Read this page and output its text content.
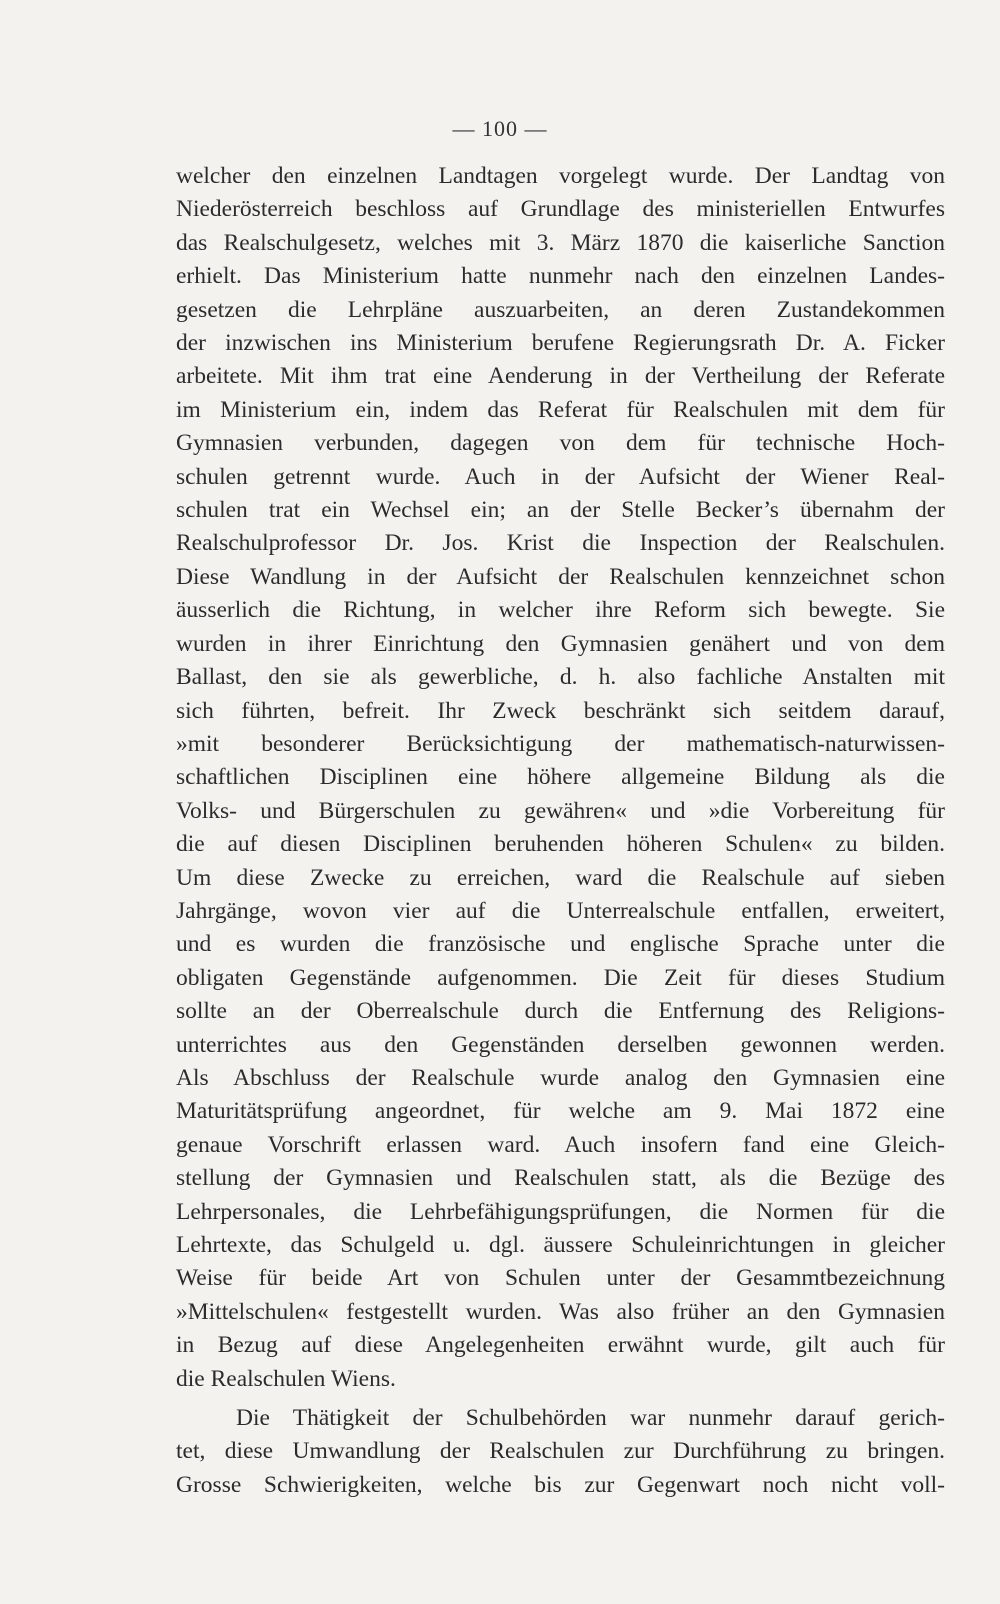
— 100 —
welcher den einzelnen Landtagen vorgelegt wurde. Der Landtag von
Niederösterreich beschloss auf Grundlage des ministeriellen Entwurfes
das Realschulgesetz, welches mit 3. März 1870 die kaiserliche Sanction
erhielt. Das Ministerium hatte nunmehr nach den einzelnen Landes-
gesetzen die Lehrpläne auszuarbeiten, an deren Zustandekommen
der inzwischen ins Ministerium berufene Regierungsrath Dr. A. Ficker
arbeitete. Mit ihm trat eine Aenderung in der Vertheilung der Referate
im Ministerium ein, indem das Referat für Realschulen mit dem für
Gymnasien verbunden, dagegen von dem für technische Hoch-
schulen getrennt wurde. Auch in der Aufsicht der Wiener Real-
schulen trat ein Wechsel ein; an der Stelle Becker’s übernahm der
Realschulprofessor Dr. Jos. Krist die Inspection der Realschulen.
Diese Wandlung in der Aufsicht der Realschulen kennzeichnet schon
äusserlich die Richtung, in welcher ihre Reform sich bewegte. Sie
wurden in ihrer Einrichtung den Gymnasien genähert und von dem
Ballast, den sie als gewerbliche, d. h. also fachliche Anstalten mit
sich führten, befreit. Ihr Zweck beschränkt sich seitdem darauf,
»mit besonderer Berücksichtigung der mathematisch-naturwissen-
schaftlichen Disciplinen eine höhere allgemeine Bildung als die
Volks- und Bürgerschulen zu gewähren« und »die Vorbereitung für
die auf diesen Disciplinen beruhenden höheren Schulen« zu bilden.
Um diese Zwecke zu erreichen, ward die Realschule auf sieben
Jahrgänge, wovon vier auf die Unterrealschule entfallen, erweitert,
und es wurden die französische und englische Sprache unter die
obligaten Gegenstände aufgenommen. Die Zeit für dieses Studium
sollte an der Oberrealschule durch die Entfernung des Religions-
unterrichtes aus den Gegenständen derselben gewonnen werden.
Als Abschluss der Realschule wurde analog den Gymnasien eine
Maturitätsprüfung angeordnet, für welche am 9. Mai 1872 eine
genaue Vorschrift erlassen ward. Auch insofern fand eine Gleich-
stellung der Gymnasien und Realschulen statt, als die Bezüge des
Lehrpersonales, die Lehrbefähigungsprüfungen, die Normen für die
Lehrtexte, das Schulgeld u. dgl. äussere Schuleinrichtungen in gleicher
Weise für beide Art von Schulen unter der Gesammtbezeichnung
»Mittelschulen« festgestellt wurden. Was also früher an den Gymnasien
in Bezug auf diese Angelegenheiten erwähnt wurde, gilt auch für
die Realschulen Wiens.
Die Thätigkeit der Schulbehörden war nunmehr darauf gerich-
tet, diese Umwandlung der Realschulen zur Durchführung zu bringen.
Grosse Schwierigkeiten, welche bis zur Gegenwart noch nicht voll-
